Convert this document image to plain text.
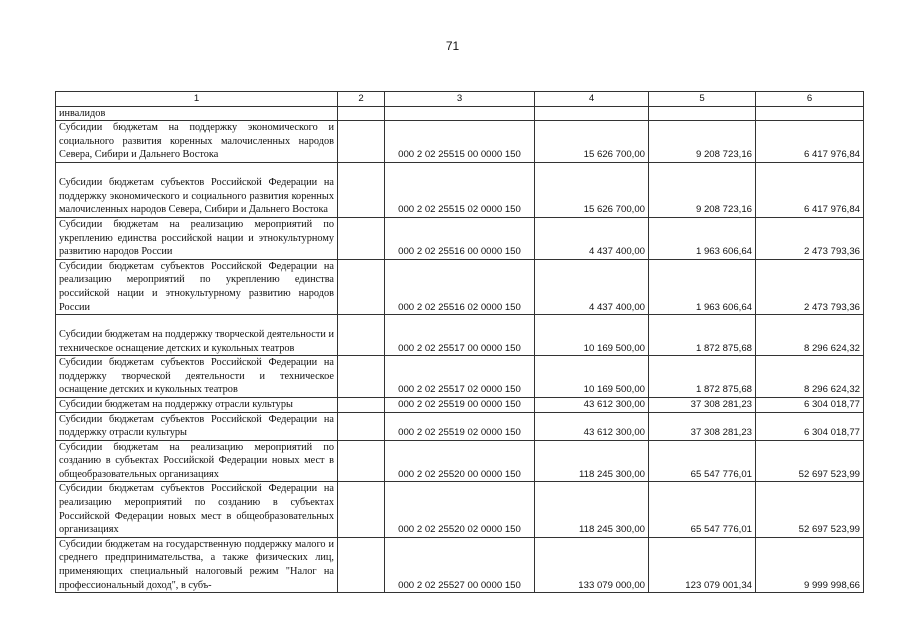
71
1	2	3	4	5	6
инвалидов					
Субсидии бюджетам на поддержку экономического и социального развития коренных малочисленных народов Севера, Сибири и Дальнего Востока		000 2 02 25515 00 0000 150	15 626 700,00	9 208 723,16	6 417 976,84
Субсидии бюджетам субъектов Российской Федерации на поддержку экономического и социального развития коренных малочисленных народов Севера, Сибири и Дальнего Востока		000 2 02 25515 02 0000 150	15 626 700,00	9 208 723,16	6 417 976,84
Субсидии бюджетам на реализацию мероприятий по укреплению единства российской нации и этнокультурному развитию народов России		000 2 02 25516 00 0000 150	4 437 400,00	1 963 606,64	2 473 793,36
Субсидии бюджетам субъектов Российской Федерации на реализацию мероприятий по укреплению единства российской нации и этнокультурному развитию народов России		000 2 02 25516 02 0000 150	4 437 400,00	1 963 606,64	2 473 793,36
Субсидии бюджетам на поддержку творческой деятельности и техническое оснащение детских и кукольных театров		000 2 02 25517 00 0000 150	10 169 500,00	1 872 875,68	8 296 624,32
Субсидии бюджетам субъектов Российской Федерации на поддержку творческой деятельности и техническое оснащение детских и кукольных театров		000 2 02 25517 02 0000 150	10 169 500,00	1 872 875,68	8 296 624,32
Субсидии бюджетам на поддержку отрасли культуры		000 2 02 25519 00 0000 150	43 612 300,00	37 308 281,23	6 304 018,77
Субсидии бюджетам субъектов Российской Федерации на поддержку отрасли культуры		000 2 02 25519 02 0000 150	43 612 300,00	37 308 281,23	6 304 018,77
Субсидии бюджетам на реализацию мероприятий по созданию в субъектах Российской Федерации новых мест в общеобразовательных организациях		000 2 02 25520 00 0000 150	118 245 300,00	65 547 776,01	52 697 523,99
Субсидии бюджетам субъектов Российской Федерации на реализацию мероприятий по созданию в субъектах Российской Федерации новых мест в общеобразовательных организациях		000 2 02 25520 02 0000 150	118 245 300,00	65 547 776,01	52 697 523,99
Субсидии бюджетам на государственную поддержку малого и среднего предпринимательства, а также физических лиц, применяющих специальный налоговый режим "Налог на профессиональный доход", в субъ-		000 2 02 25527 00 0000 150	133 079 000,00	123 079 001,34	9 999 998,66
